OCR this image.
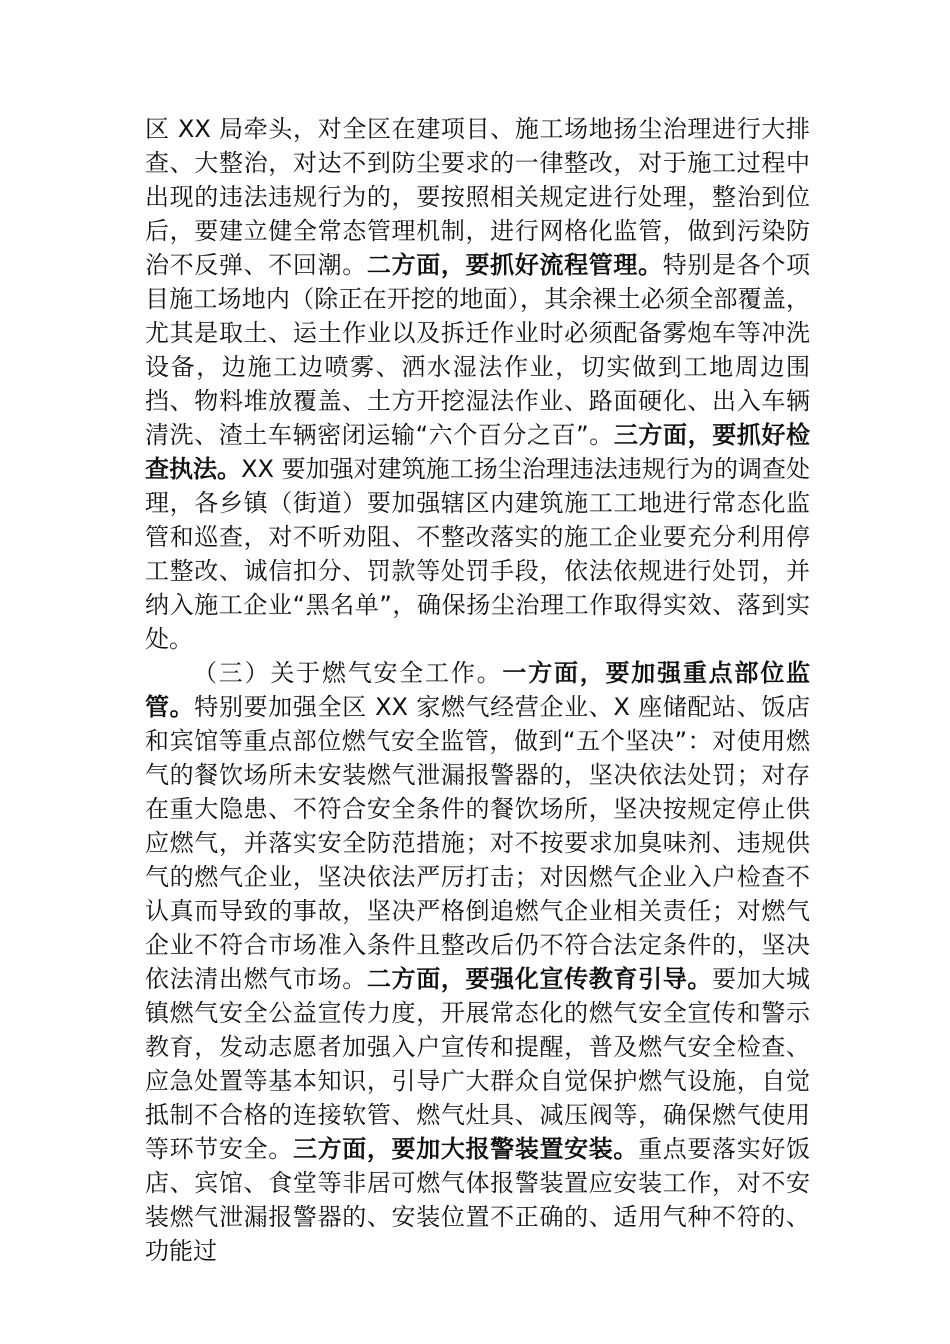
区 XX 局牵头，对全区在建项目、施工场地扬尘治理进行大排查、大整治，对达不到防尘要求的一律整改，对于施工过程中出现的违法违规行为的，要按照相关规定进行处理，整治到位后，要建立健全常态管理机制，进行网格化监管，做到污染防治不反弹、不回潮。二方面，要抓好流程管理。特别是各个项目施工场地内（除正在开挖的地面），其余裸土必须全部覆盖，尤其是取土、运土作业以及拆迁作业时必须配备雾炮车等冲洗设备，边施工边喷雾、洒水湿法作业，切实做到工地周边围挡、物料堆放覆盖、土方开挖湿法作业、路面硬化、出入车辆清洗、渣土车辆密闭运输“六个百分之百”。三方面，要抓好检查执法。XX 要加强对建筑施工扬尘治理违法违规行为的调查处理，各乡镇（街道）要加强辖区内建筑施工工地进行常态化监管和巡查，对不听劝阻、不整改落实的施工企业要充分利用停工整改、诚信扣分、罚款等处罚手段，依法依规进行处罚，并纳入施工企业“黑名单”，确保扬尘治理工作取得实效、落到实处。

（三）关于燃气安全工作。一方面，要加强重点部位监管。特别要加强全区 XX 家燃气经营企业、X 座储配站、饭店和宾馆等重点部位燃气安全监管，做到“五个坚决”：对使用燃气的餐饮场所未安装燃气泄漏报警器的，坚决依法处罚；对存在重大隐患、不符合安全条件的餐饮场所，坚决按规定停止供应燃气，并落实安全防范措施；对不按要求加臭味剂、违规供气的燃气企业，坚决依法严厉打击；对因燃气企业入户检查不认真而导致的事故，坚决严格倒追燃气企业相关责任；对燃气企业不符合市场准入条件且整改后仍不符合法定条件的，坚决依法清出燃气市场。二方面，要强化宣传教育引导。要加大城镇燃气安全公益宣传力度，开展常态化的燃气安全宣传和警示教育，发动志愿者加强入户宣传和提醒，普及燃气安全检查、应急处置等基本知识，引导广大群众自觉保护燃气设施，自觉抵制不合格的连接软管、燃气灶具、减压阀等，确保燃气使用等环节安全。三方面，要加大报警装置安装。重点要落实好饭店、宾馆、食堂等非居可燃气体报警装置应安装工作，对不安装燃气泄漏报警器的、安装位置不正确的、适用气种不符的、功能过
